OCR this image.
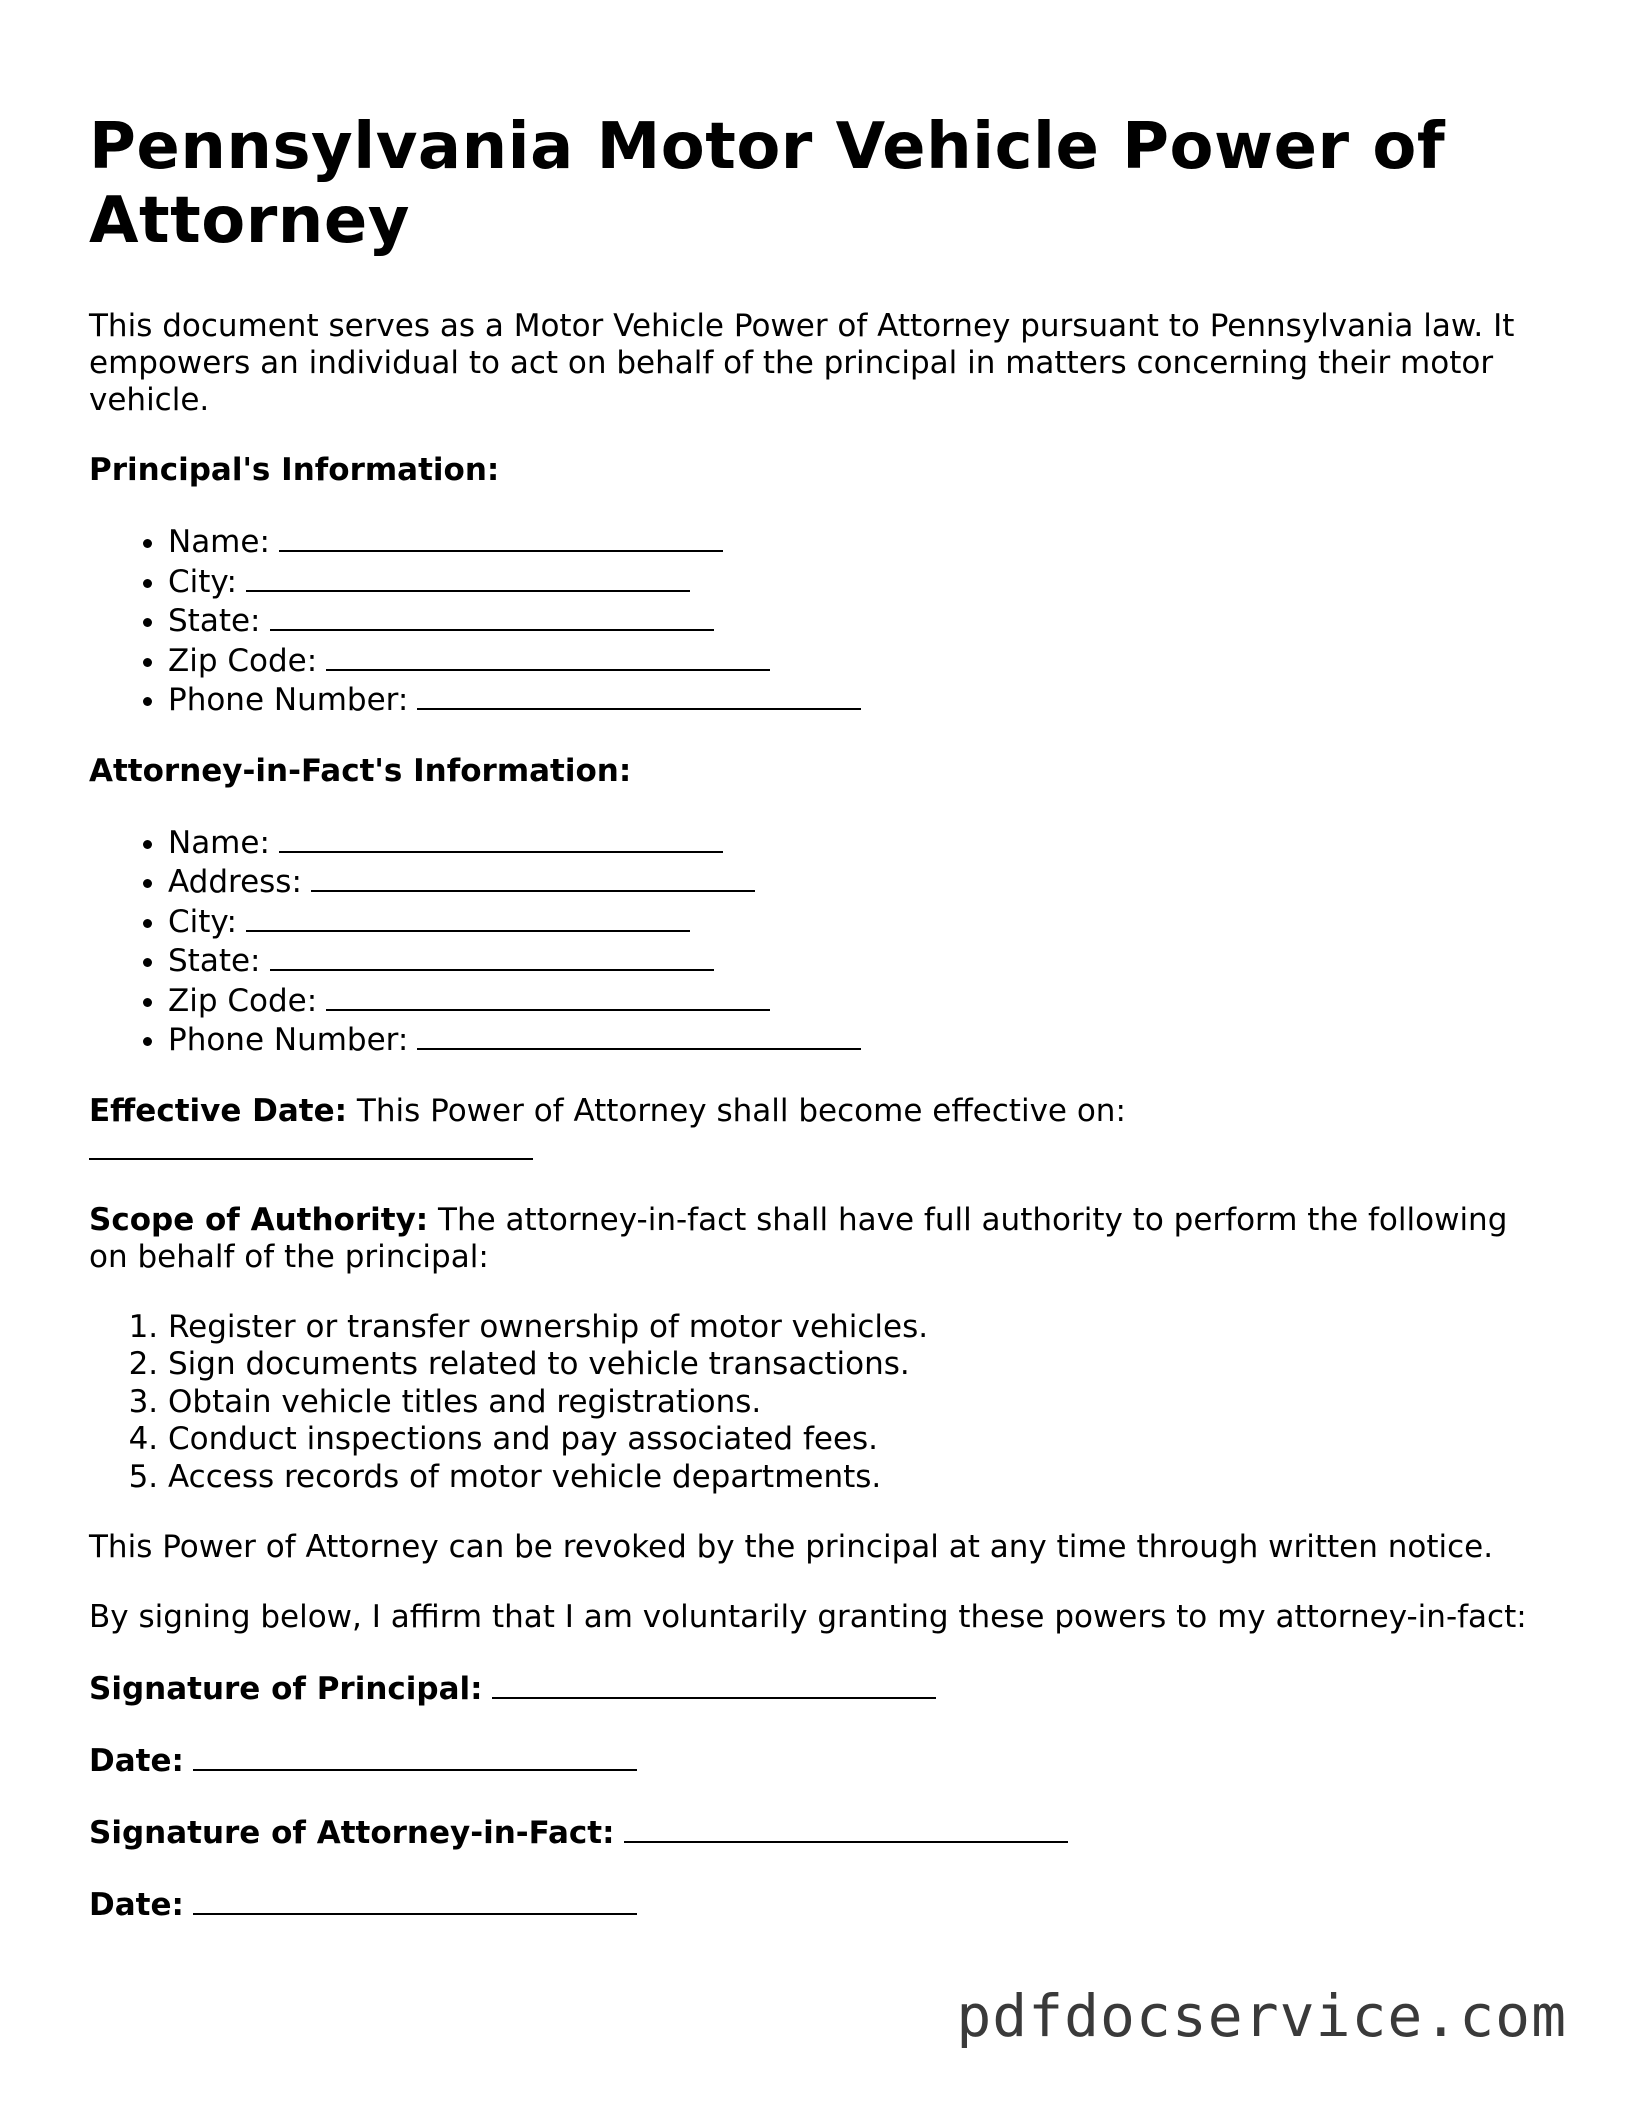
Pennsylvania Motor Vehicle Power of Attorney

This document serves as a Motor Vehicle Power of Attorney pursuant to Pennsylvania law. It empowers an individual to act on behalf of the principal in matters concerning their motor vehicle.

Principal's Information:

• Name:
• City:
• State:
• Zip Code:
• Phone Number:

Attorney-in-Fact's Information:

• Name:
• Address:
• City:
• State:
• Zip Code:
• Phone Number:

Effective Date: This Power of Attorney shall become effective on:

Scope of Authority: The attorney-in-fact shall have full authority to perform the following on behalf of the principal:

1. Register or transfer ownership of motor vehicles.
2. Sign documents related to vehicle transactions.
3. Obtain vehicle titles and registrations.
4. Conduct inspections and pay associated fees.
5. Access records of motor vehicle departments.

This Power of Attorney can be revoked by the principal at any time through written notice.

By signing below, I affirm that I am voluntarily granting these powers to my attorney-in-fact:

Signature of Principal:
Date:
Signature of Attorney-in-Fact:
Date:
pdfdocservice.com
